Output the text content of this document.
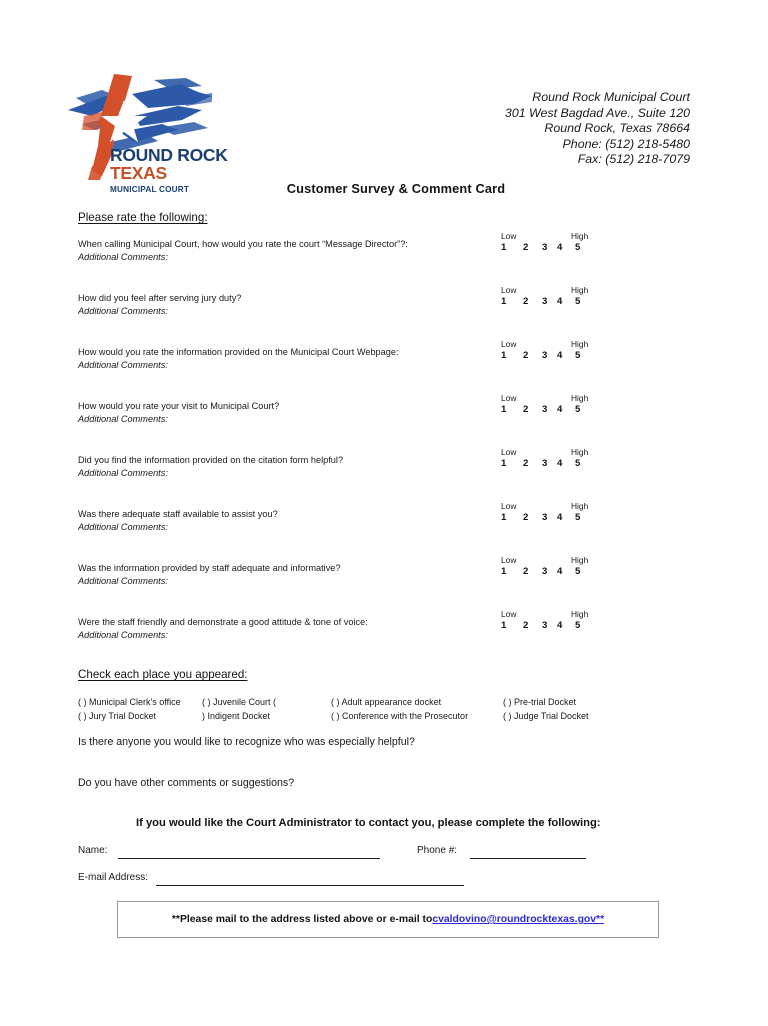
ROUND ROCK TEXAS
MUNICIPAL COURT
Round Rock Municipal Court
301 West Bagdad Ave., Suite 120
Round Rock, Texas 78664
Phone: (512) 218-5480
Fax: (512) 218-7079
Customer Survey & Comment Card
Please rate the following:
When calling Municipal Court, how would you rate the court “Message Director”?:
Additional Comments:
Low	High
1 2 3 4 5
How did you feel after serving jury duty?
Additional Comments:
Low	High
1 2 3 4 5
How would you rate the information provided on the Municipal Court Webpage:
Additional Comments:
Low	High
1 2 3 4 5
How would you rate your visit to Municipal Court?
Additional Comments:
Low	High
1 2 3 4 5
Did you find the information provided on the citation form helpful?
Additional Comments:
Low	High
1 2 3 4 5
Was there adequate staff available to assist you?
Additional Comments:
Low	High
1 2 3 4 5
Was the information provided by staff adequate and informative?
Additional Comments:
Low	High
1 2 3 4 5
Were the staff friendly and demonstrate a good attitude & tone of voice:
Additional Comments:
Low	High
1 2 3 4 5
Check each place you appeared:
( ) Municipal Clerk's office ( ) Juvenile Court (	( ) Adult appearance docket	( ) Pre-trial Docket
( ) Jury Trial Docket	) Indigent Docket	( ) Conference with the Prosecutor	( ) Judge Trial Docket
Is there anyone you would like to recognize who was especially helpful?
Do you have other comments or suggestions?
If you would like the Court Administrator to contact you, please complete the following:
Name:	Phone #:
E-mail Address:
**Please mail to the address listed above or e-mail to cvaldovino@roundrocktexas.gov**
